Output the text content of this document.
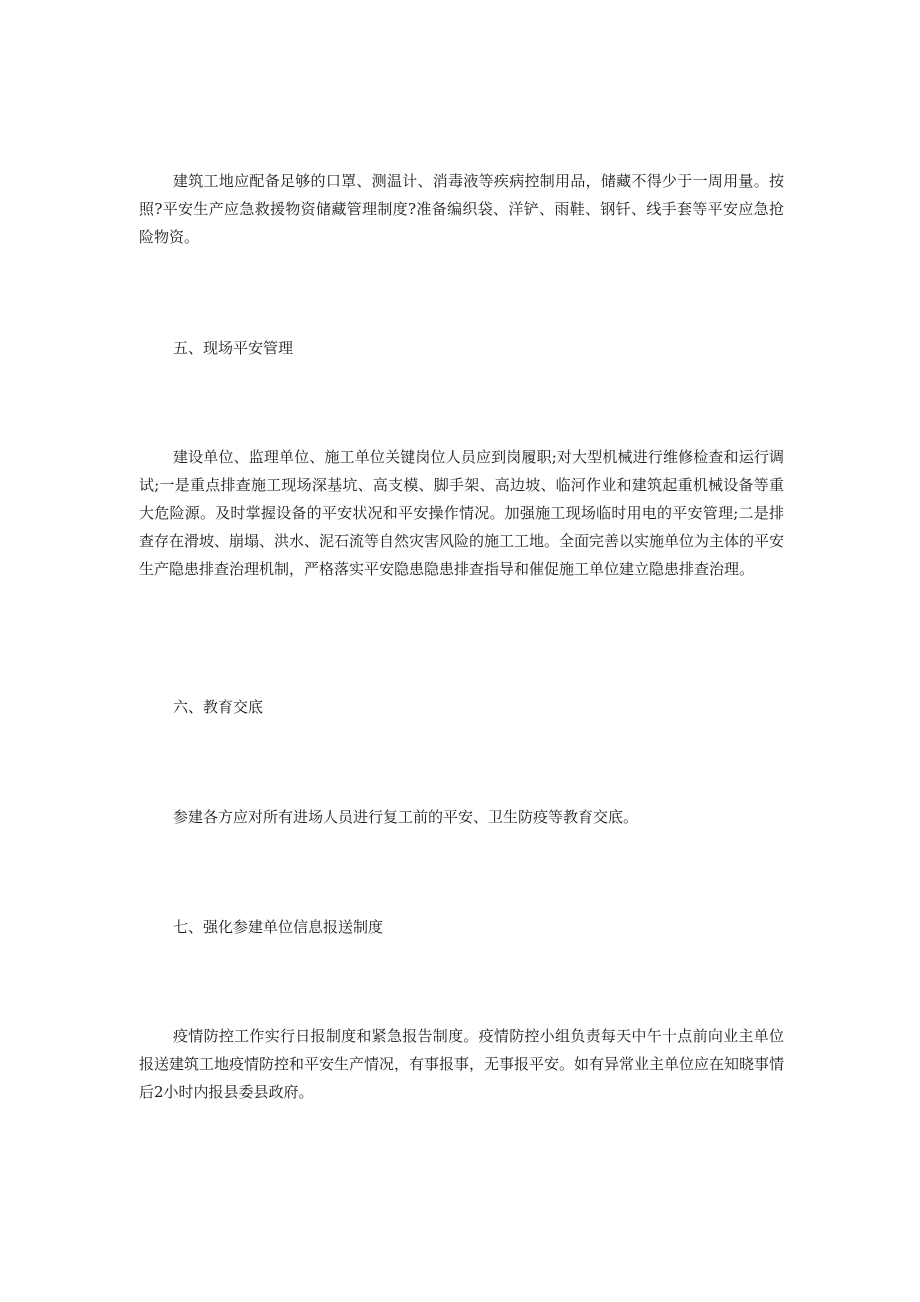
建筑工地应配备足够的口罩、测温计、消毒液等疾病控制用品，储藏不得少于一周用量。按照?平安生产应急救援物资储藏管理制度?准备编织袋、洋铲、雨鞋、钢钎、线手套等平安应急抢险物资。

五、现场平安管理

建设单位、监理单位、施工单位关键岗位人员应到岗履职;对大型机械进行维修检查和运行调试;一是重点排查施工现场深基坑、高支模、脚手架、高边坡、临河作业和建筑起重机械设备等重大危险源。及时掌握设备的平安状况和平安操作情况。加强施工现场临时用电的平安管理;二是排查存在滑坡、崩塌、洪水、泥石流等自然灾害风险的施工工地。全面完善以实施单位为主体的平安生产隐患排查治理机制，严格落实平安隐患隐患排查指导和催促施工单位建立隐患排查治理。

六、教育交底

参建各方应对所有进场人员进行复工前的平安、卫生防疫等教育交底。

七、强化参建单位信息报送制度

疫情防控工作实行日报制度和紧急报告制度。疫情防控小组负责每天中午十点前向业主单位报送建筑工地疫情防控和平安生产情况，有事报事，无事报平安。如有异常业主单位应在知晓事情后2小时内报县委县政府。
